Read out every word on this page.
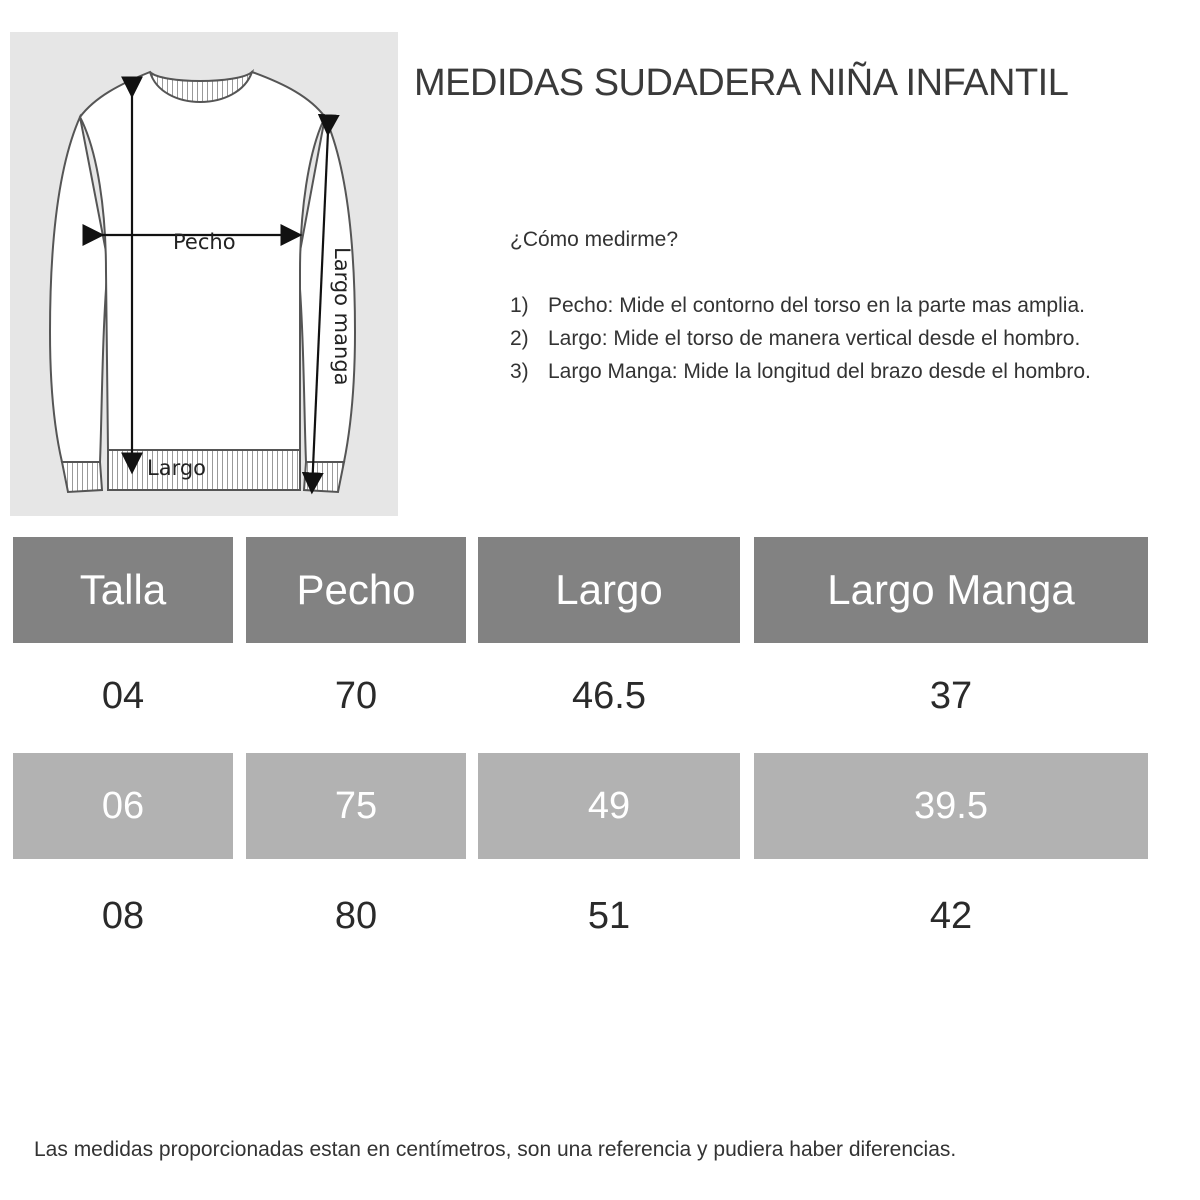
Pecho
Largo
Largo manga
MEDIDAS SUDADERA NIÑA INFANTIL
¿Cómo medirme?
1) Pecho: Mide el contorno del torso en la parte mas amplia.
2) Largo: Mide el torso de manera vertical desde el hombro.
3) Largo Manga: Mide la longitud del brazo desde el hombro.
Talla	Pecho	Largo	Largo Manga
04	70	46.5	37
06	75	49	39.5
08	80	51	42
Las medidas proporcionadas estan en centímetros, son una referencia y pudiera haber diferencias.
